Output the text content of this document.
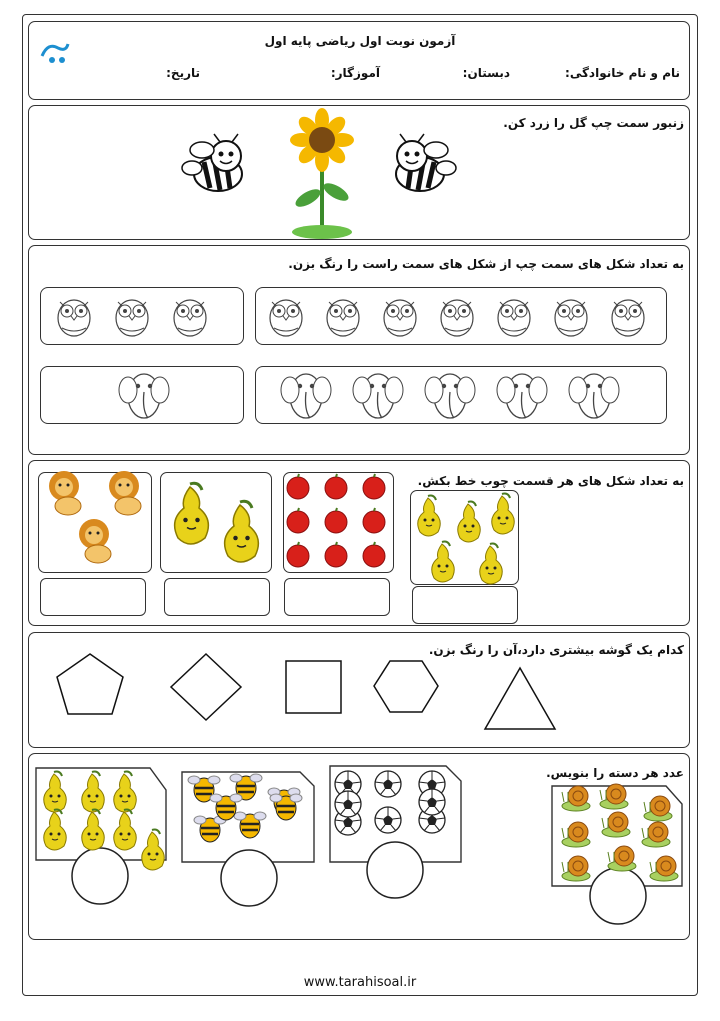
آزمون نوبت اول ریاضی پایه اول
نام و نام خانوادگی:
دبستان:
آموزگار:
تاریخ:
زنبور سمت چپ گل را زرد کن.
به تعداد شکل های سمت چپ از شکل های سمت راست را رنگ بزن.
به تعداد شکل های هر قسمت چوب خط بکش.
کدام یک گوشه بیشتری دارد،آن را رنگ بزن.
عدد هر دسته را بنویس.
www.tarahisoal.ir
